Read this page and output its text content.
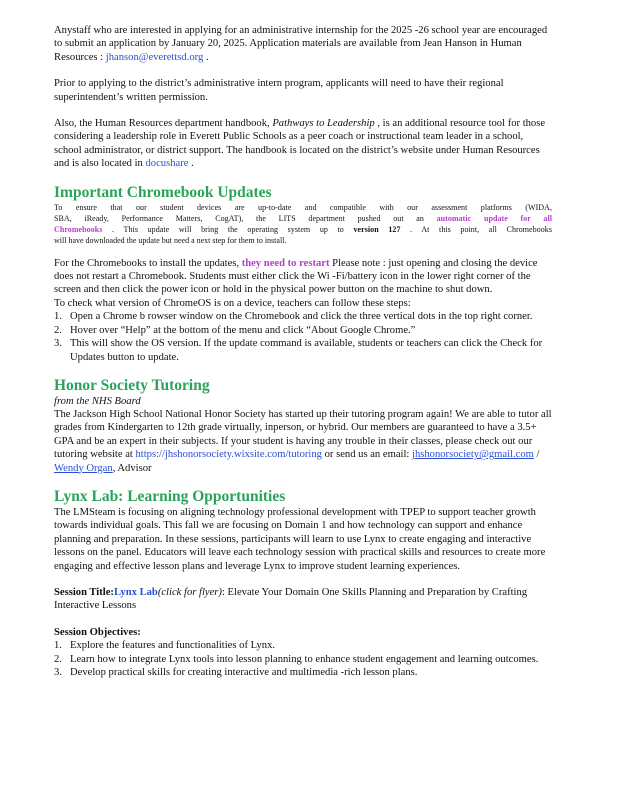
Anystaff who are interested in applying for an administrative internship for the 2025 -26 school year are encouraged to submit an application by January 20, 2025. Application materials are available from Jean Hanson in Human Resources : jhanson@everettsd.org .

Prior to applying to the district’s administrative intern program, applicants will need to have their regional superintendent’s written permission.

Also, the Human Resources department handbook, Pathways to Leadership , is an additional resource tool for those considering a leadership role in Everett Public Schools as a peer coach or instructional team leader in a school, school administrator, or district support. The handbook is located on the district’s website under Human Resources and is also located in docushare .

Important Chromebook Updates
To ensure that our student devices are up-to-date and compatible with our assessment platforms (WIDA,
SBA, iReady, Performance Matters, CogAT), the LITS department pushed out an automatic update for all
Chromebooks . This update will bring the operating system up to version 127 . At this point, all Chromebooks
will have downloaded the update but need a next step for them to install.

For the Chromebooks to install the updates, they need to restart Please note : just opening and closing the device does not restart a Chromebook. Students must either click the Wi -Fi/battery icon in the lower right corner of the screen and then click the power icon or hold in the physical power button on the machine to shut down.

To check what version of ChromeOS is on a device, teachers can follow these steps:

1. Open a Chrome b rowser window on the Chromebook and click the three vertical dots in the top right corner.
2. Hover over “Help” at the bottom of the menu and click “About Google Chrome.”
3. This will show the OS version. If the update command is available, students or teachers can click the Check for Updates button to update.
Honor Society Tutoring
from the NHS Board

The Jackson High School National Honor Society has started up their tutoring program again! We are able to tutor all grades from Kindergarten to 12th grade virtually, inperson, or hybrid. Our members are guaranteed to have a 3.5+ GPA and be an expert in their subjects. If your student is having any trouble in their classes, please check out our tutoring website at https://jhshonorsociety.wixsite.com/tutoring or send us an email: jhshonorsociety@gmail.com / Wendy Organ, Advisor

Lynx Lab: Learning Opportunities

The LMSteam is focusing on aligning technology professional development with TPEP to support teacher growth towards individual goals. This fall we are focusing on Domain 1 and how technology can support and enhance planning and preparation. In these sessions, participants will learn to use Lynx to create engaging and interactive lessons on the panel. Educators will leave each technology session with practical skills and resources to create more engaging and effective lesson plans and leverage Lynx to improve student learning experiences.

Session Title:Lynx Lab(click for flyer): Elevate Your Domain One Skills Planning and Preparation by Crafting Interactive Lessons

Session Objectives:

1. Explore the features and functionalities of Lynx.
2. Learn how to integrate Lynx tools into lesson planning to enhance student engagement and learning outcomes.
3. Develop practical skills for creating interactive and multimedia -rich lesson plans.
